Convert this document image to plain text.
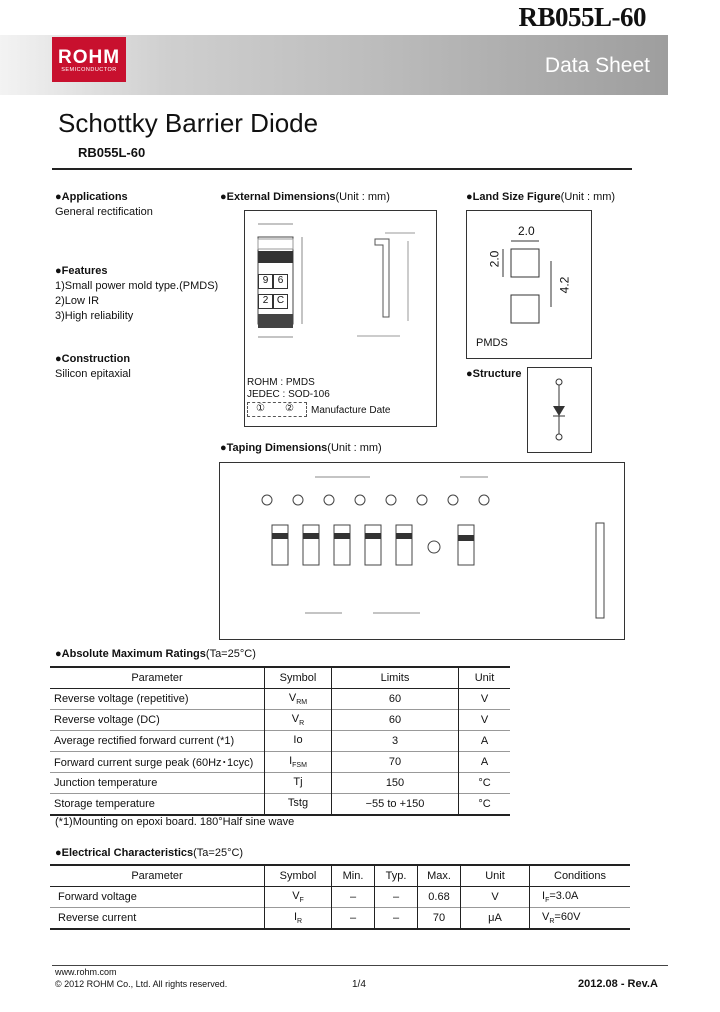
RB055L-60
ROHM
SEMICONDUCTOR	Data Sheet
Schottky Barrier Diode
RB055L-60
●Applications
General rectification
●Features
1)Small power mold type.(PMDS)
2)Low IR
3)High reliability
●Construction
Silicon epitaxial
●External Dimensions(Unit : mm)
9 6
2 C
ROHM : PMDS
JEDEC : SOD-106
① ② Manufacture Date
●Land Size Figure(Unit : mm)
2.0
2.0
4.2
PMDS
●Structure
●Taping Dimensions(Unit : mm)
●Absolute Maximum Ratings(Ta=25°C)
Parameter	Symbol	Limits	Unit
Reverse voltage (repetitive)	$V_{RM}$	60	V
Reverse voltage (DC)	$V_R$	60	V
Average rectified forward current (*1)	Io	3	A
Forward current surge peak (60Hz･1cyc)	$I_{FSM}$	70	A
Junction temperature	Tj	150	°C
Storage temperature	Tstg	−55 to +150	°C
(*1)Mounting on epoxi board. 180°Half sine wave
●Electrical Characteristics(Ta=25°C)
Parameter	Symbol	Min.	Typ.	Max.	Unit	Conditions
Forward voltage	$V_F$	–	–	0.68	V	$I_F=3.0A$
Reverse current	$I_R$	–	–	70	μA	$V_R=60V$
www.rohm.com
© 2012 ROHM Co., Ltd. All rights reserved.	1/4	2012.08 - Rev.A
